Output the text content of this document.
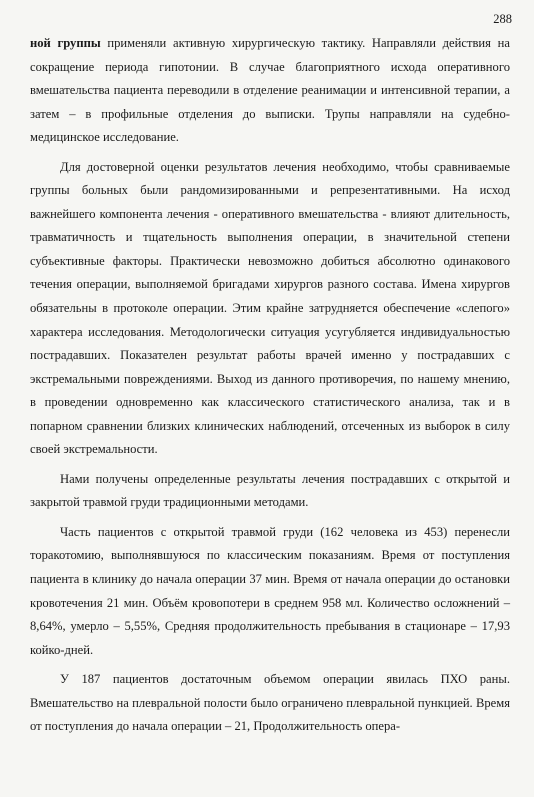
288

ной группы применяли активную хирургическую тактику. Направляли действия на сокращение периода гипотонии. В случае благоприятного исхода оперативного вмешательства пациента переводили в отделение реанимации и интенсивной терапии, а затем – в профильные отделения до выписки. Трупы направляли на судебно-медицинское исследование.

Для достоверной оценки результатов лечения необходимо, чтобы сравниваемые группы больных были рандомизированными и репрезентативными. На исход важнейшего компонента лечения - оперативного вмешательства - влияют длительность, травматичность и тщательность выполнения операции, в значительной степени субъективные факторы. Практически невозможно добиться абсолютно одинакового течения операции, выполняемой бригадами хирургов разного состава. Имена хирургов обязательны в протоколе операции. Этим крайне затрудняется обеспечение «слепого» характера исследования. Методологически ситуация усугубляется индивидуальностью пострадавших. Показателен результат работы врачей именно у пострадавших с экстремальными повреждениями. Выход из данного противоречия, по нашему мнению, в проведении одновременно как классического статистического анализа, так и в попарном сравнении близких клинических наблюдений, отсеченных из выборок в силу своей экстремальности.

Нами получены определенные результаты лечения пострадавших с открытой и закрытой травмой груди традиционными методами.

Часть пациентов с открытой травмой груди (162 человека из 453) перенесли торакотомию, выполнявшуюся по классическим показаниям. Время от поступления пациента в клинику до начала операции 37 мин. Время от начала операции до остановки кровотечения 21 мин. Объём кровопотери в среднем 958 мл. Количество осложнений – 8,64%, умерло – 5,55%, Средняя продолжительность пребывания в стационаре – 17,93 койко-дней.

У 187 пациентов достаточным объемом операции явилась ПХО раны. Вмешательство на плевральной полости было ограничено плевральной пункцией. Время от поступления до начала операции – 21, Продолжительность опера-
